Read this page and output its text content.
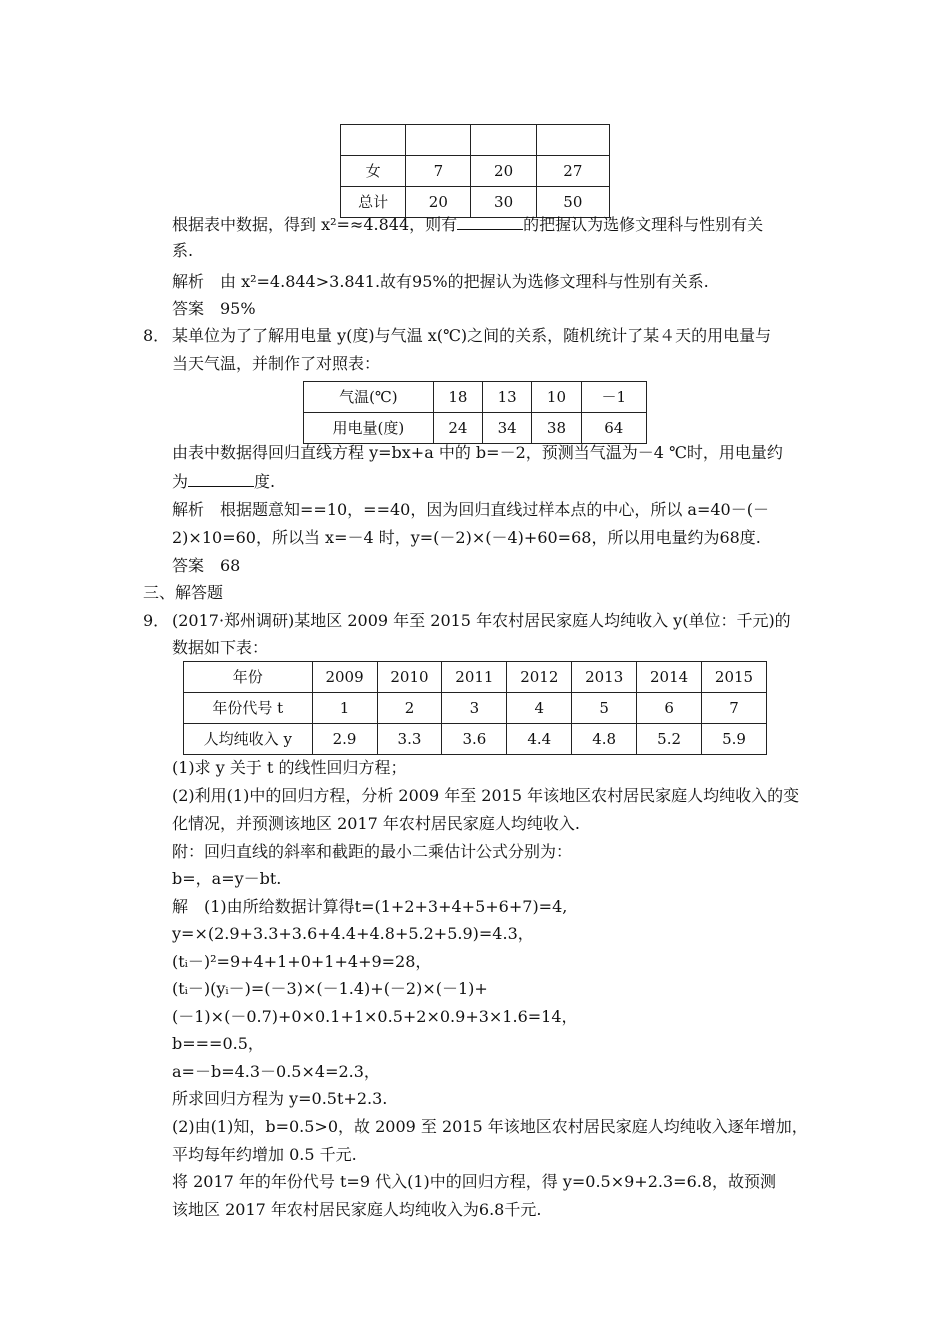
女	7	20	27
总计	20	30	50
根据表中数据，得到 x²=≈4.844，则有	的把握认为选修文理科与性别有关
系.
解析　由 x²=4.844>3.841.故有95%的把握认为选修文理科与性别有关系.
答案　95%
8． 某单位为了了解用电量 y(度)与气温 x(℃)之间的关系，随机统计了某４天的用电量与
当天气温，并制作了对照表：
气温(℃)	18	13	10	－1
用电量(度)	24	34	38	64
由表中数据得回归直线方程 y=bx+a 中的 b=－2，预测当气温为－4 ℃时，用电量约
为	度.
解析　根据题意知==10，==40，因为回归直线过样本点的中心，所以 a=40－(－
2)×10=60，所以当 x=－4 时，y=(－2)×(－4)+60=68，所以用电量约为68度.
答案　68
三、解答题
9． (2017·郑州调研)某地区 2009 年至 2015 年农村居民家庭人均纯收入 y(单位：千元)的
数据如下表：
年份	2009	2010	2011	2012	2013	2014	2015
年份代号 t	1	2	3	4	5	6	7
人均纯收入 y	2.9	3.3	3.6	4.4	4.8	5.2	5.9
(1)求 y 关于 t 的线性回归方程；
(2)利用(1)中的回归方程，分析 2009 年至 2015 年该地区农村居民家庭人均纯收入的变
化情况，并预测该地区 2017 年农村居民家庭人均纯收入.
附：回归直线的斜率和截距的最小二乘估计公式分别为：
b=，a=y－bt.
解　(1)由所给数据计算得t=(1+2+3+4+5+6+7)=4,
y=×(2.9+3.3+3.6+4.4+4.8+5.2+5.9)=4.3，
(tᵢ－)²=9+4+1+0+1+4+9=28，
(tᵢ－)(yᵢ－)=(－3)×(－1.4)+(－2)×(－1)+
(－1)×(－0.7)+0×0.1+1×0.5+2×0.9+3×1.6=14，
b===0.5，
a=－b=4.3－0.5×4=2.3，
所求回归方程为 y=0.5t+2.3.
(2)由(1)知，b=0.5>0，故 2009 至 2015 年该地区农村居民家庭人均纯收入逐年增加，
平均每年约增加 0.5 千元.
将 2017 年的年份代号 t=9 代入(1)中的回归方程，得 y=0.5×9+2.3=6.8，故预测
该地区 2017 年农村居民家庭人均纯收入为6.8千元.
